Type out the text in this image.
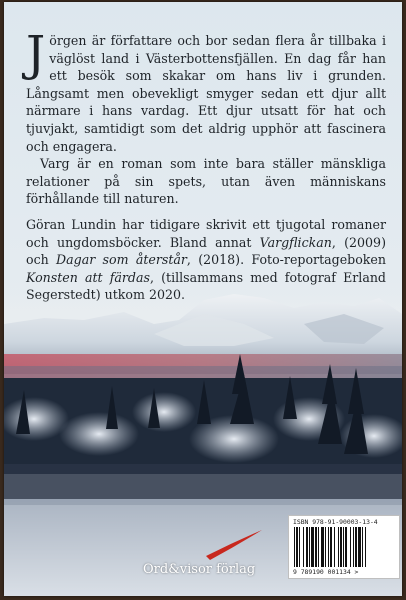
Jörgen är författare och bor sedan flera år tillbaka i väglöst land i Västerbottensfjällen. En dag får han ett besök som skakar om hans liv i grunden. Långsamt men obevekligt smyger sedan ett djur allt närmare i hans vardag. Ett djur utsatt för hat och tjuvjakt, samtidigt som det aldrig upphör att fascinera och engagera.

Varg är en roman som inte bara ställer mänskliga relationer på sin spets, utan även människans förhållande till naturen.

Göran Lundin har tidigare skrivit ett tjugotal romaner och ungdomsböcker. Bland annat Vargflickan, (2009) och Dagar som återstår, (2018). Foto-reportageboken Konsten att färdas, (tillsammans med fotograf Erland

Ord&visor förlag
ISBN 978-91-90003-13-4
9 789190 001134 >
